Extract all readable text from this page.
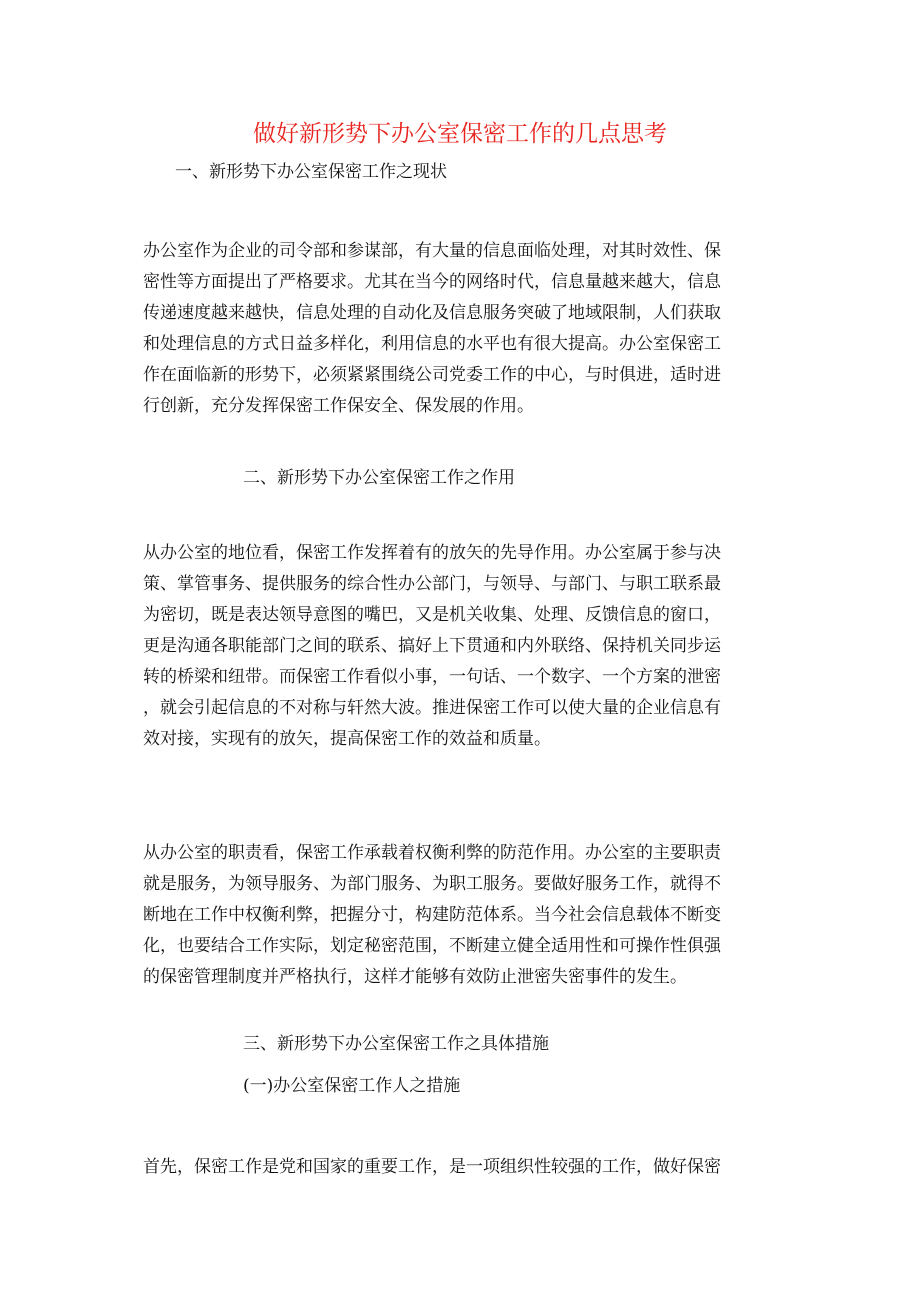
做好新形势下办公室保密工作的几点思考
一、新形势下办公室保密工作之现状
办公室作为企业的司令部和参谋部，有大量的信息面临处理，对其时效性、保
密性等方面提出了严格要求。尤其在当今的网络时代，信息量越来越大，信息
传递速度越来越快，信息处理的自动化及信息服务突破了地域限制，人们获取
和处理信息的方式日益多样化，利用信息的水平也有很大提高。办公室保密工
作在面临新的形势下，必须紧紧围绕公司党委工作的中心，与时俱进，适时进
行创新，充分发挥保密工作保安全、保发展的作用。
二、新形势下办公室保密工作之作用
从办公室的地位看，保密工作发挥着有的放矢的先导作用。办公室属于参与决
策、掌管事务、提供服务的综合性办公部门，与领导、与部门、与职工联系最
为密切，既是表达领导意图的嘴巴，又是机关收集、处理、反馈信息的窗口，
更是沟通各职能部门之间的联系、搞好上下贯通和内外联络、保持机关同步运
转的桥梁和纽带。而保密工作看似小事，一句话、一个数字、一个方案的泄密
，就会引起信息的不对称与轩然大波。推进保密工作可以使大量的企业信息有
效对接，实现有的放矢，提高保密工作的效益和质量。
从办公室的职责看，保密工作承载着权衡利弊的防范作用。办公室的主要职责
就是服务，为领导服务、为部门服务、为职工服务。要做好服务工作，就得不
断地在工作中权衡利弊，把握分寸，构建防范体系。当今社会信息载体不断变
化，也要结合工作实际，划定秘密范围，不断建立健全适用性和可操作性俱强
的保密管理制度并严格执行，这样才能够有效防止泄密失密事件的发生。
三、新形势下办公室保密工作之具体措施
(一)办公室保密工作人之措施
首先，保密工作是党和国家的重要工作，是一项组织性较强的工作，做好保密
